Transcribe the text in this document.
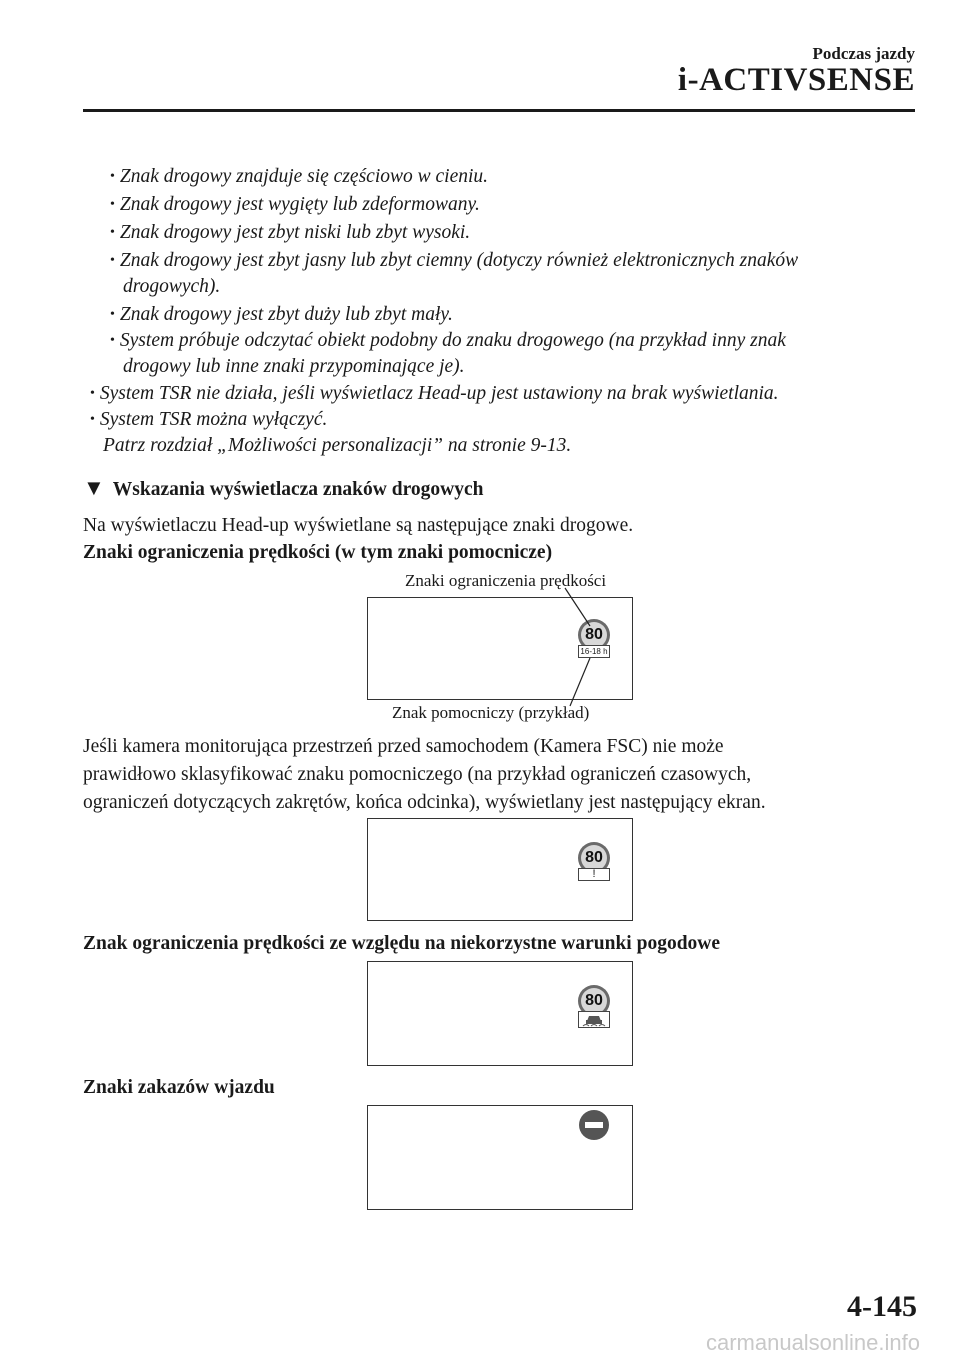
Podczas jazdy
i-ACTIVSENSE
• Znak drogowy znajduje się częściowo w cieniu.
• Znak drogowy jest wygięty lub zdeformowany.
• Znak drogowy jest zbyt niski lub zbyt wysoki.
• Znak drogowy jest zbyt jasny lub zbyt ciemny (dotyczy również elektronicznych znaków
drogowych).
• Znak drogowy jest zbyt duży lub zbyt mały.
• System próbuje odczytać obiekt podobny do znaku drogowego (na przykład inny znak
drogowy lub inne znaki przypominające je).
• System TSR nie działa, jeśli wyświetlacz Head-up jest ustawiony na brak wyświetlania.
• System TSR można wyłączyć.
Patrz rozdział „Możliwości personalizacji” na stronie 9-13.
▼ Wskazania wyświetlacza znaków drogowych
Na wyświetlaczu Head-up wyświetlane są następujące znaki drogowe.
Znaki ograniczenia prędkości (w tym znaki pomocnicze)
Znaki ograniczenia prędkości
80
16-18 h
Znak pomocniczy (przykład)
Jeśli kamera monitorująca przestrzeń przed samochodem (Kamera FSC) nie może
prawidłowo sklasyfikować znaku pomocniczego (na przykład ograniczeń czasowych,
ograniczeń dotyczących zakrętów, końca odcinka), wyświetlany jest następujący ekran.
80
!
Znak ograniczenia prędkości ze względu na niekorzystne warunki pogodowe
80
Znaki zakazów wjazdu
4-145
carmanualsonline.info
